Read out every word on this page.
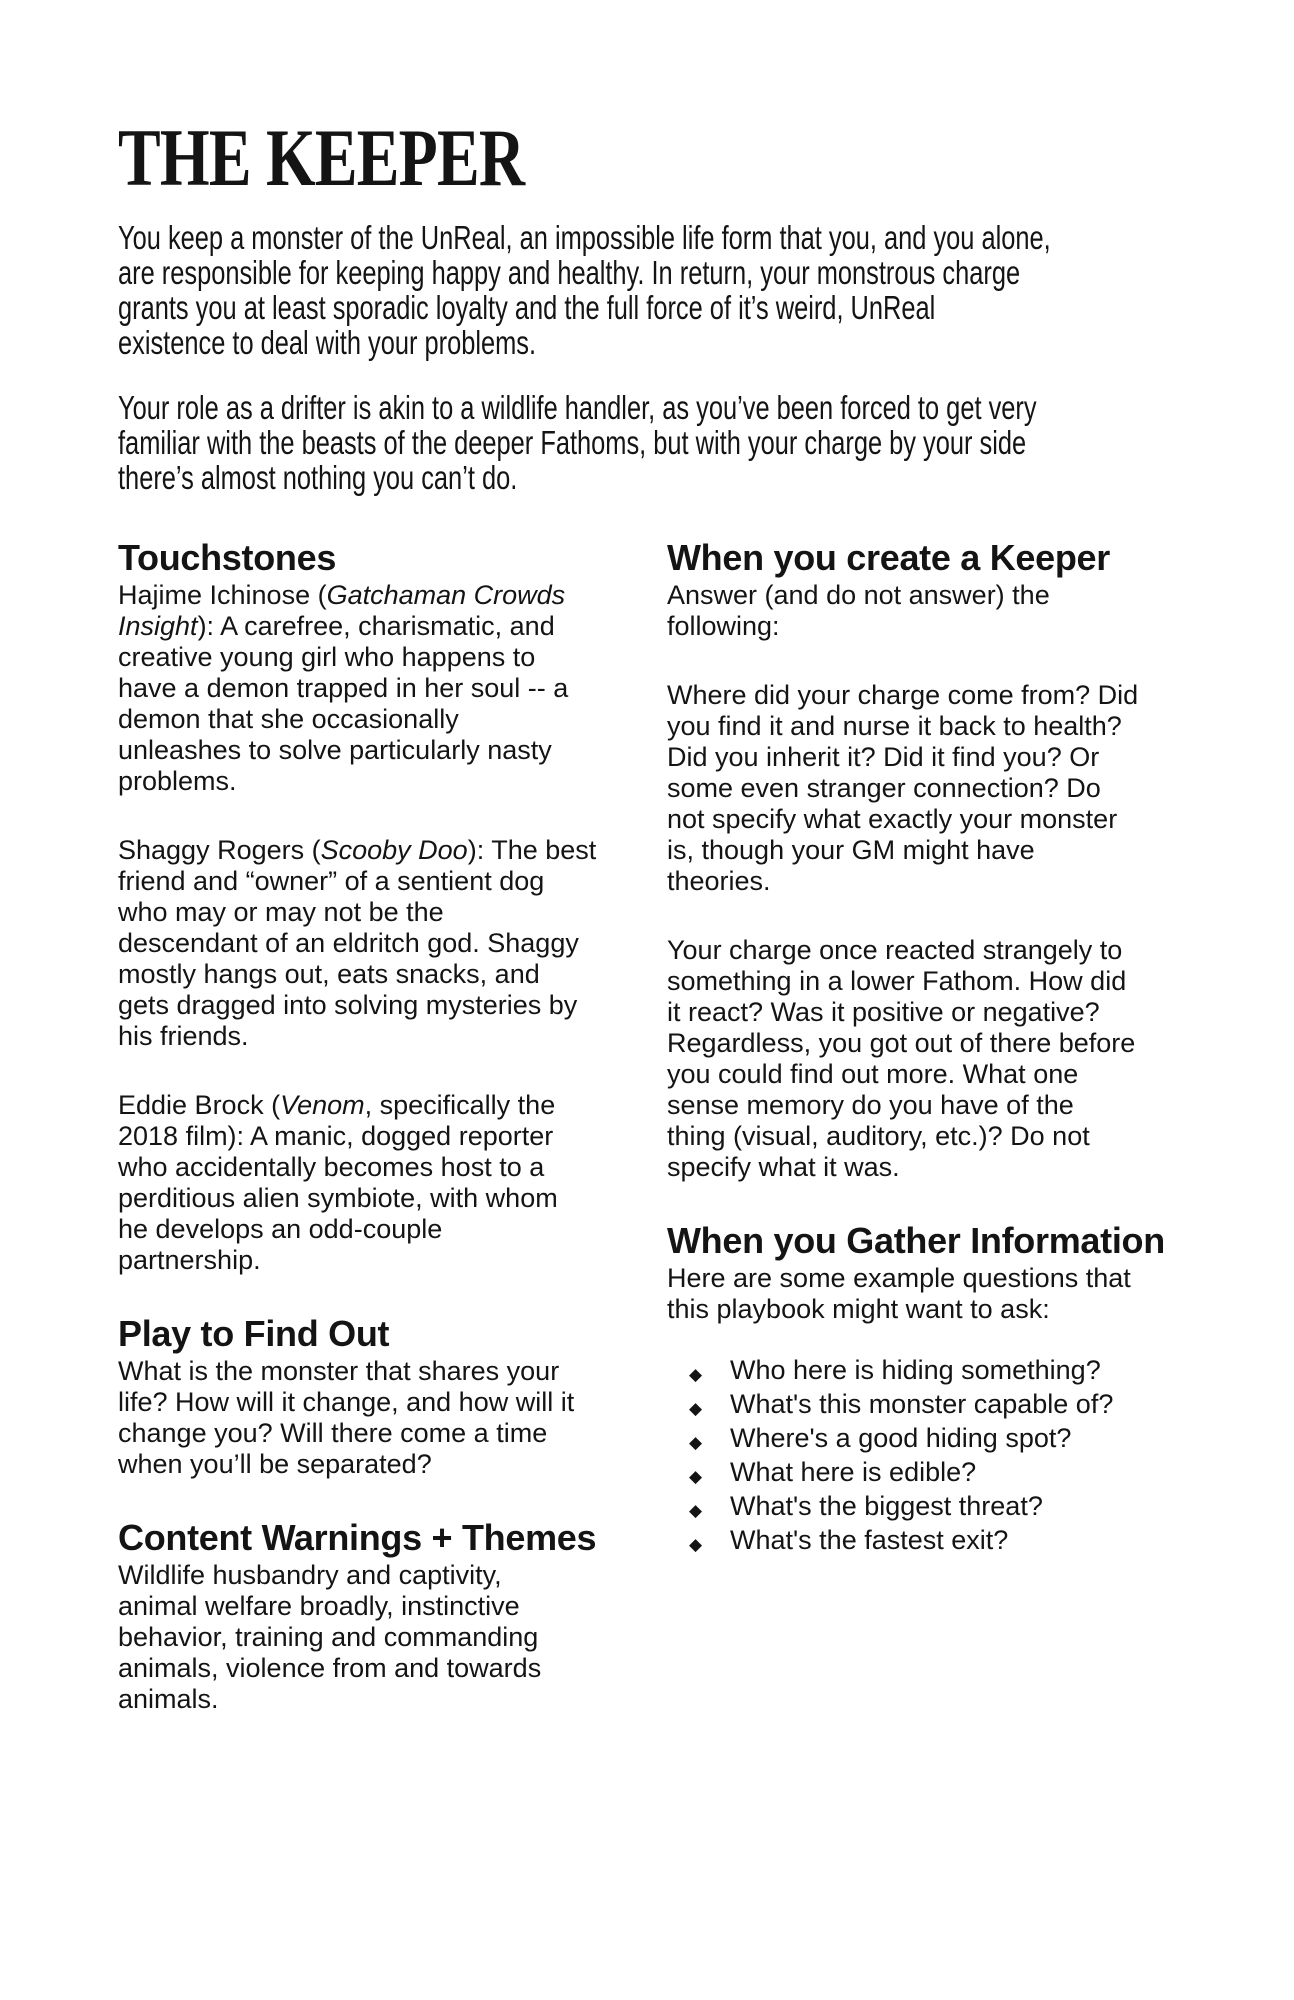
THE KEEPER
You keep a monster of the UnReal, an impossible life form that you, and you alone,
are responsible for keeping happy and healthy. In return, your monstrous charge
grants you at least sporadic loyalty and the full force of it’s weird, UnReal
existence to deal with your problems.
Your role as a drifter is akin to a wildlife handler, as you’ve been forced to get very
familiar with the beasts of the deeper Fathoms, but with your charge by your side
there’s almost nothing you can’t do.
Touchstones
Hajime Ichinose (Gatchaman Crowds
Insight): A carefree, charismatic, and
creative young girl who happens to
have a demon trapped in her soul -- a
demon that she occasionally
unleashes to solve particularly nasty
problems.
Shaggy Rogers (Scooby Doo): The best
friend and “owner” of a sentient dog
who may or may not be the
descendant of an eldritch god. Shaggy
mostly hangs out, eats snacks, and
gets dragged into solving mysteries by
his friends.
Eddie Brock (Venom, specifically the
2018 film): A manic, dogged reporter
who accidentally becomes host to a
perditious alien symbiote, with whom
he develops an odd-couple
partnership.
Play to Find Out
What is the monster that shares your
life? How will it change, and how will it
change you? Will there come a time
when you’ll be separated?
Content Warnings + Themes
Wildlife husbandry and captivity,
animal welfare broadly, instinctive
behavior, training and commanding
animals, violence from and towards
animals.
When you create a Keeper
Answer (and do not answer) the
following:
Where did your charge come from? Did
you find it and nurse it back to health?
Did you inherit it? Did it find you? Or
some even stranger connection? Do
not specify what exactly your monster
is, though your GM might have
theories.
Your charge once reacted strangely to
something in a lower Fathom. How did
it react? Was it positive or negative?
Regardless, you got out of there before
you could find out more. What one
sense memory do you have of the
thing (visual, auditory, etc.)? Do not
specify what it was.
When you Gather Information
Here are some example questions that
this playbook might want to ask:
◆ Who here is hiding something?
◆ What's this monster capable of?
◆ Where's a good hiding spot?
◆ What here is edible?
◆ What's the biggest threat?
◆ What's the fastest exit?
